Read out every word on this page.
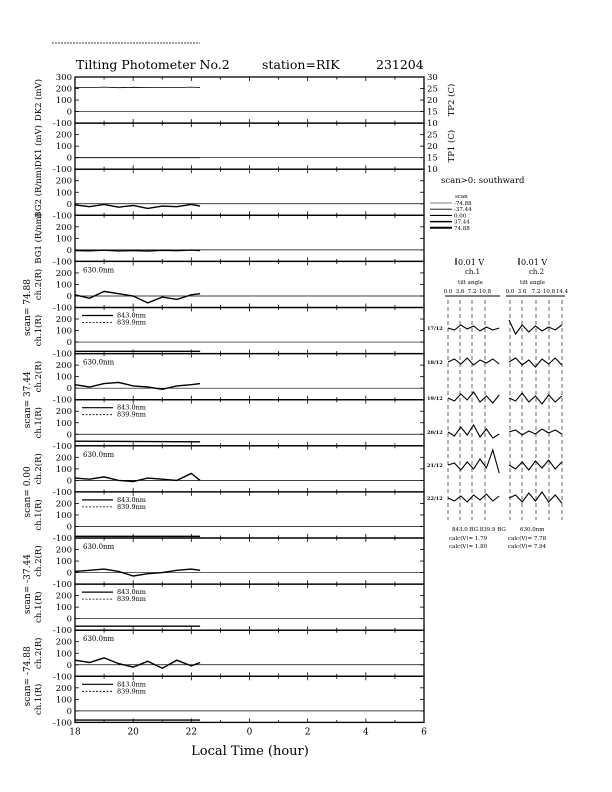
Tilting Photometer No.2	station=RIK	231204
300
200
100
0
-100
DK2 (mV)
200
100
0
-100
DK1 (mV)
200
100
0
-100
BG2 (R/nm)
200
100
0
-100
BG1 (R/nm)
200
100
0
-100
ch.2(R)	630.0nm
200
100
0
-100
ch.1(R)	843.0nm
839.9nm
200
100
0
-100
ch.2(R)	630.0nm
200
100
0
-100
ch.1(R)	843.0nm
839.9nm
200
100
0
-100
ch.2(R)	630.0nm
200
100
0
-100
ch.1(R)	843.0nm
839.9nm
200
100
0
-100
ch.2(R)	630.0nm
200
100
0
-100
ch.1(R)	843.0nm
839.9nm
200
100
0
-100
ch.2(R)	630.0nm
200
100
0
-100
ch.1(R)	843.0nm
839.9nm
18	20	22	0	2	4	6
Local Time (hour)
scan= 74.88
scan= 37.44
scan= 0.00
scan= -37.44
scan= -74.88
30
25
20
15
10
TP2 (C)
25
20
15
10
TP1 (C)
scan>0: southward
scan
-74.88
-37.44
0.00
37.44
74.88
0.01 V	0.01 V
ch.1	ch.2
tilt angle	tilt angle
843.0 BG 839.9 BG	630.0nm
calc(V)= 1.79
calc(V)= 1.80
calc(V)= 7.78
calc(V)= 7.94
0.0 3.6 7.2 10.8	0.0 3.6 7.2 10.8 14.4
17/12
18/12
19/12
20/12
21/12
22/12
